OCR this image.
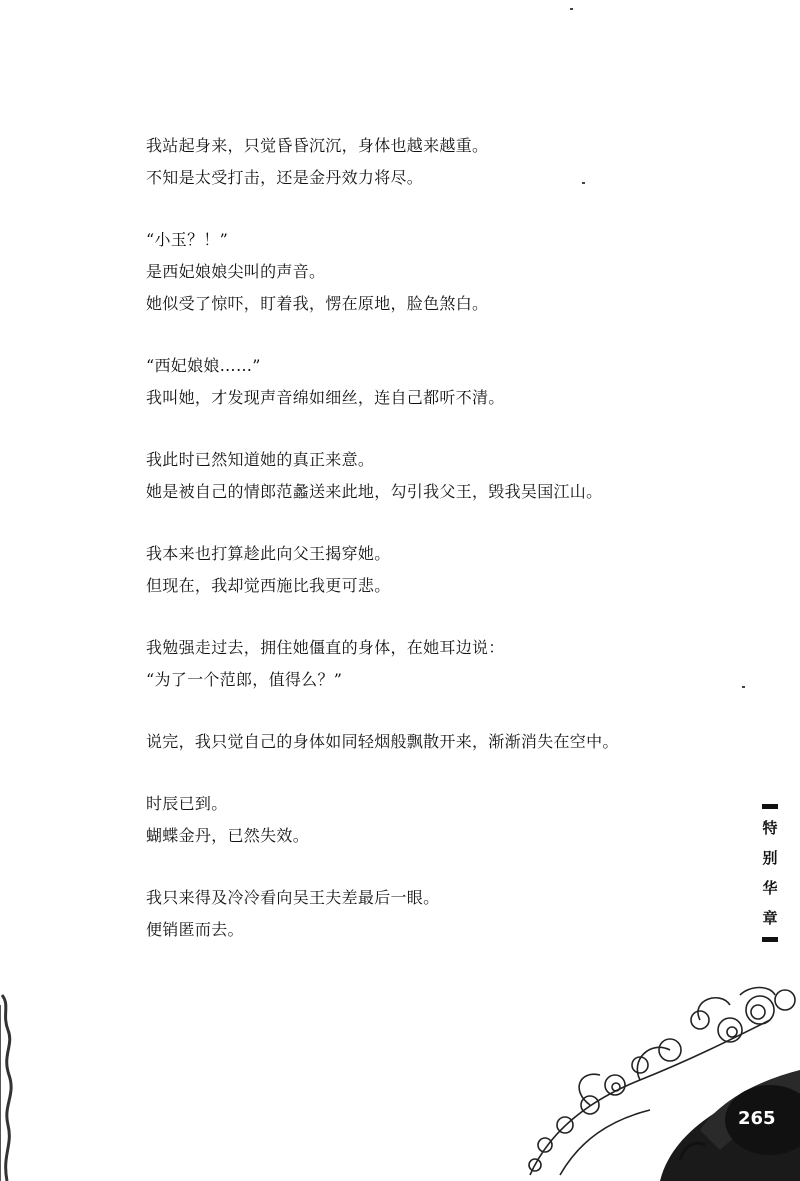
我站起身来，只觉昏昏沉沉，身体也越来越重。
不知是太受打击，还是金丹效力将尽。
“小玉？！”
是西妃娘娘尖叫的声音。
她似受了惊吓，盯着我，愣在原地，脸色煞白。
“西妃娘娘……”
我叫她，才发现声音绵如细丝，连自己都听不清。
我此时已然知道她的真正来意。
她是被自己的情郎范蠡送来此地，勾引我父王，毁我吴国江山。
我本来也打算趁此向父王揭穿她。
但现在，我却觉西施比我更可悲。
我勉强走过去，拥住她僵直的身体，在她耳边说：
“为了一个范郎，值得么？”
说完，我只觉自己的身体如同轻烟般飘散开来，渐渐消失在空中。
时辰已到。
蝴蝶金丹，已然失效。
我只来得及冷冷看向吴王夫差最后一眼。
便销匿而去。
特
别
华
章
265
